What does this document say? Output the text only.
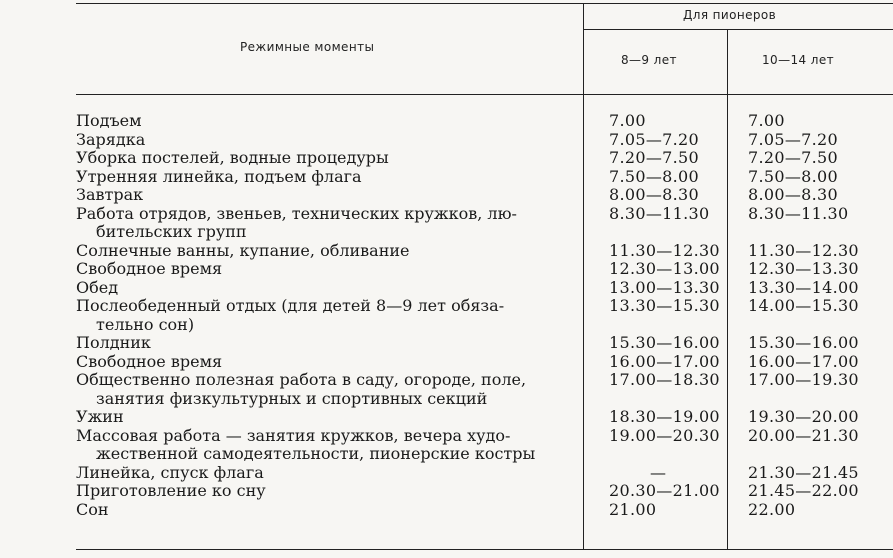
Режимные моменты
Для пионеров
8—9 лет	10—14 лет
Подъем	7.00	7.00
Зарядка	7.05—7.20	7.05—7.20
Уборка постелей, водные процедуры	7.20—7.50	7.20—7.50
Утренняя линейка, подъем флага	7.50—8.00	7.50—8.00
Завтрак	8.00—8.30	8.00—8.30
Работа отрядов, звеньев, технических кружков, лю-
бительских групп
8.30—11.30 8.30—11.30
Солнечные ванны, купание, обливание	11.30—12.30 11.30—12.30
Свободное время	12.30—13.00 12.30—13.30
Обед	13.00—13.30 13.30—14.00
Послеобеденный отдых (для детей 8—9 лет обяза-
тельно сон)
13.30—15.30 14.00—15.30
Полдник	15.30—16.00 15.30—16.00
Свободное время	16.00—17.00 16.00—17.00
Общественно полезная работа в саду, огороде, поле,
занятия физкультурных и спортивных секций
17.00—18.30 17.00—19.30
Ужин	18.30—19.00 19.30—20.00
Массовая работа — занятия кружков, вечера худо-
жественной самодеятельности, пионерские костры
19.00—20.30 20.00—21.30
Линейка, спуск флага	—	21.30—21.45
Приготовление ко сну	20.30—21.00 21.45—22.00
Сон	21.00	22.00
